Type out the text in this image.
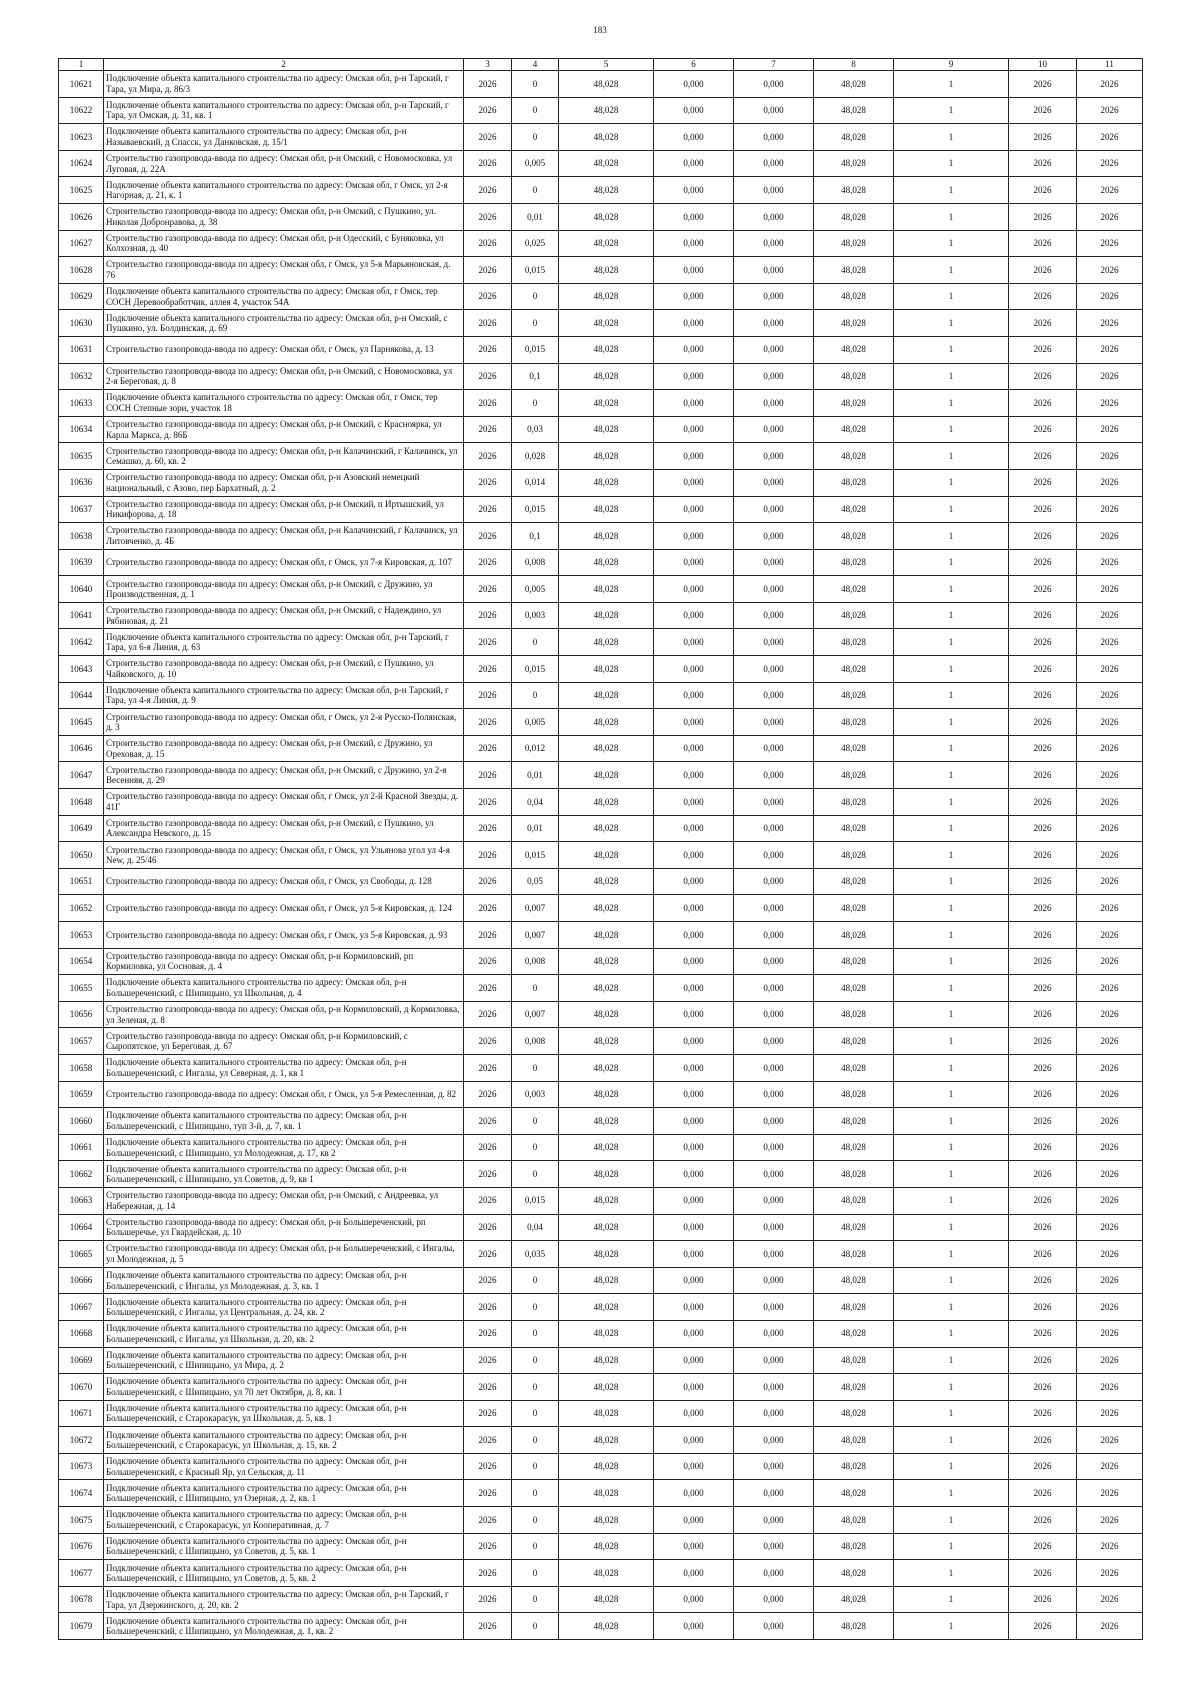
183
1	2	3	4	5	6	7	8	9	10	11
10621	Подключение объекта капитального строительства по адресу: Омская обл, р-н Тарский, г Тара, ул Мира, д. 86/3	2026	0	48,028	0,000	0,000	48,028	1	2026	2026
10622	Подключение объекта капитального строительства по адресу: Омская обл, р-н Тарский, г Тара, ул Омская, д. 31, кв. 1	2026	0	48,028	0,000	0,000	48,028	1	2026	2026
10623	Подключение объекта капитального строительства по адресу: Омская обл, р-н Называевский, д Спасск, ул Данковская, д. 15/1	2026	0	48,028	0,000	0,000	48,028	1	2026	2026
10624	Строительство газопровода-ввода по адресу: Омская обл, р-н Омский, с Новомосковка, ул Луговая, д. 22А	2026	0,005	48,028	0,000	0,000	48,028	1	2026	2026
10625	Подключение объекта капитального строительства по адресу: Омская обл, г Омск, ул 2-я Нагорная, д. 21, к. 1	2026	0	48,028	0,000	0,000	48,028	1	2026	2026
10626	Строительство газопровода-ввода по адресу: Омская обл, р-н Омский, с Пушкино, ул. Николая Добронравова, д. 38	2026	0,01	48,028	0,000	0,000	48,028	1	2026	2026
10627	Строительство газопровода-ввода по адресу: Омская обл, р-н Одесский, с Буняковка, ул Колхозная, д. 40	2026	0,025	48,028	0,000	0,000	48,028	1	2026	2026
10628	Строительство газопровода-ввода по адресу: Омская обл, г Омск, ул 5-я Марьяновская, д. 76	2026	0,015	48,028	0,000	0,000	48,028	1	2026	2026
10629	Подключение объекта капитального строительства по адресу: Омская обл, г Омск, тер СОСН Деревообработчик, аллея 4, участок 54А	2026	0	48,028	0,000	0,000	48,028	1	2026	2026
10630	Подключение объекта капитального строительства по адресу: Омская обл, р-н Омский, с Пушкино, ул. Болдинская, д. 69	2026	0	48,028	0,000	0,000	48,028	1	2026	2026
10631	Строительство газопровода-ввода по адресу: Омская обл, г Омск, ул Парнякова, д. 13	2026	0,015	48,028	0,000	0,000	48,028	1	2026	2026
10632	Строительство газопровода-ввода по адресу: Омская обл, р-н Омский, с Новомосковка, ул 2-я Береговая, д. 8	2026	0,1	48,028	0,000	0,000	48,028	1	2026	2026
10633	Подключение объекта капитального строительства по адресу: Омская обл, г Омск, тер СОСН Степные зори, участок 18	2026	0	48,028	0,000	0,000	48,028	1	2026	2026
10634	Строительство газопровода-ввода по адресу: Омская обл, р-н Омский, с Красноярка, ул Карла Маркса, д. 86Б	2026	0,03	48,028	0,000	0,000	48,028	1	2026	2026
10635	Строительство газопровода-ввода по адресу: Омская обл, р-н Калачинский, г Калачинск, ул Семашко, д. 60, кв. 2	2026	0,028	48,028	0,000	0,000	48,028	1	2026	2026
10636	Строительство газопровода-ввода по адресу: Омская обл, р-н Азовский немецкий национальный, с Азово, пер Бархатный, д. 2	2026	0,014	48,028	0,000	0,000	48,028	1	2026	2026
10637	Строительство газопровода-ввода по адресу: Омская обл, р-н Омский, п Иртышский, ул Никифорова, д. 18	2026	0,015	48,028	0,000	0,000	48,028	1	2026	2026
10638	Строительство газопровода-ввода по адресу: Омская обл, р-н Калачинский, г Калачинск, ул Литовченко, д. 4Б	2026	0,1	48,028	0,000	0,000	48,028	1	2026	2026
10639	Строительство газопровода-ввода по адресу: Омская обл, г Омск, ул 7-я Кировская, д. 107	2026	0,008	48,028	0,000	0,000	48,028	1	2026	2026
10640	Строительство газопровода-ввода по адресу: Омская обл, р-н Омский, с Дружино, ул Производственная, д. 1	2026	0,005	48,028	0,000	0,000	48,028	1	2026	2026
10641	Строительство газопровода-ввода по адресу: Омская обл, р-н Омский, с Надеждино, ул Рябиновая, д. 21	2026	0,003	48,028	0,000	0,000	48,028	1	2026	2026
10642	Подключение объекта капитального строительства по адресу: Омская обл, р-н Тарский, г Тара, ул 6-я Линия, д. 63	2026	0	48,028	0,000	0,000	48,028	1	2026	2026
10643	Строительство газопровода-ввода по адресу: Омская обл, р-н Омский, с Пушкино, ул Чайковского, д. 10	2026	0,015	48,028	0,000	0,000	48,028	1	2026	2026
10644	Подключение объекта капитального строительства по адресу: Омская обл, р-н Тарский, г Тара, ул 4-я Линия, д. 9	2026	0	48,028	0,000	0,000	48,028	1	2026	2026
10645	Строительство газопровода-ввода по адресу: Омская обл, г Омск, ул 2-я Русско-Полянская, д. 3	2026	0,005	48,028	0,000	0,000	48,028	1	2026	2026
10646	Строительство газопровода-ввода по адресу: Омская обл, р-н Омский, с Дружино, ул Ореховая, д. 15	2026	0,012	48,028	0,000	0,000	48,028	1	2026	2026
10647	Строительство газопровода-ввода по адресу: Омская обл, р-н Омский, с Дружино, ул 2-я Весенняя, д. 29	2026	0,01	48,028	0,000	0,000	48,028	1	2026	2026
10648	Строительство газопровода-ввода по адресу: Омская обл, г Омск, ул 2-й Красной Звезды, д. 41Г	2026	0,04	48,028	0,000	0,000	48,028	1	2026	2026
10649	Строительство газопровода-ввода по адресу: Омская обл, р-н Омский, с Пушкино, ул Александра Невского, д. 15	2026	0,01	48,028	0,000	0,000	48,028	1	2026	2026
10650	Строительство газопровода-ввода по адресу: Омская обл, г Омск, ул Ульянова угол ул 4-я New, д. 25/46	2026	0,015	48,028	0,000	0,000	48,028	1	2026	2026
10651	Строительство газопровода-ввода по адресу: Омская обл, г Омск, ул Свободы, д. 128	2026	0,05	48,028	0,000	0,000	48,028	1	2026	2026
10652	Строительство газопровода-ввода по адресу: Омская обл, г Омск, ул 5-я Кировская, д. 124	2026	0,007	48,028	0,000	0,000	48,028	1	2026	2026
10653	Строительство газопровода-ввода по адресу: Омская обл, г Омск, ул 5-я Кировская, д. 93	2026	0,007	48,028	0,000	0,000	48,028	1	2026	2026
10654	Строительство газопровода-ввода по адресу: Омская обл, р-н Кормиловский, рп Кормиловка, ул Сосновая, д. 4	2026	0,008	48,028	0,000	0,000	48,028	1	2026	2026
10655	Подключение объекта капитального строительства по адресу: Омская обл, р-н Большереченский, с Шипицыно, ул Школьная, д. 4	2026	0	48,028	0,000	0,000	48,028	1	2026	2026
10656	Строительство газопровода-ввода по адресу: Омская обл, р-н Кормиловский, д Кормиловка, ул Зеленая, д. 8	2026	0,007	48,028	0,000	0,000	48,028	1	2026	2026
10657	Строительство газопровода-ввода по адресу: Омская обл, р-н Кормиловский, с Сыропятское, ул Береговая, д. 67	2026	0,008	48,028	0,000	0,000	48,028	1	2026	2026
10658	Подключение объекта капитального строительства по адресу: Омская обл, р-н Большереченский, с Ингалы, ул Северная, д. 1, кв 1	2026	0	48,028	0,000	0,000	48,028	1	2026	2026
10659	Строительство газопровода-ввода по адресу: Омская обл, г Омск, ул 5-я Ремесленная, д. 82	2026	0,003	48,028	0,000	0,000	48,028	1	2026	2026
10660	Подключение объекта капитального строительства по адресу: Омская обл, р-н Большереченский, с Шипицыно, туп 3-й, д. 7, кв. 1	2026	0	48,028	0,000	0,000	48,028	1	2026	2026
10661	Подключение объекта капитального строительства по адресу: Омская обл, р-н Большереченский, с Шипицыно, ул Молодежная, д. 17, кв 2	2026	0	48,028	0,000	0,000	48,028	1	2026	2026
10662	Подключение объекта капитального строительства по адресу: Омская обл, р-н Большереченский, с Шипицыно, ул Советов, д. 9, кв 1	2026	0	48,028	0,000	0,000	48,028	1	2026	2026
10663	Строительство газопровода-ввода по адресу: Омская обл, р-н Омский, с Андреевка, ул Набережная, д. 14	2026	0,015	48,028	0,000	0,000	48,028	1	2026	2026
10664	Строительство газопровода-ввода по адресу: Омская обл, р-н Большереченский, рп Большеречье, ул Гвардейская, д. 10	2026	0,04	48,028	0,000	0,000	48,028	1	2026	2026
10665	Строительство газопровода-ввода по адресу: Омская обл, р-н Большереченский, с Ингалы, ул Молодежная, д. 5	2026	0,035	48,028	0,000	0,000	48,028	1	2026	2026
10666	Подключение объекта капитального строительства по адресу: Омская обл, р-н Большереченский, с Ингалы, ул Молодежная, д. 3, кв. 1	2026	0	48,028	0,000	0,000	48,028	1	2026	2026
10667	Подключение объекта капитального строительства по адресу: Омская обл, р-н Большереченский, с Ингалы, ул Центральная, д. 24, кв. 2	2026	0	48,028	0,000	0,000	48,028	1	2026	2026
10668	Подключение объекта капитального строительства по адресу: Омская обл, р-н Большереченский, с Ингалы, ул Школьная, д. 20, кв. 2	2026	0	48,028	0,000	0,000	48,028	1	2026	2026
10669	Подключение объекта капитального строительства по адресу: Омская обл, р-н Большереченский, с Шипицыно, ул Мира, д. 2	2026	0	48,028	0,000	0,000	48,028	1	2026	2026
10670	Подключение объекта капитального строительства по адресу: Омская обл, р-н Большереченский, с Шипицыно, ул 70 лет Октября, д. 8, кв. 1	2026	0	48,028	0,000	0,000	48,028	1	2026	2026
10671	Подключение объекта капитального строительства по адресу: Омская обл, р-н Большереченский, с Старокарасук, ул Школьная, д. 5, кв. 1	2026	0	48,028	0,000	0,000	48,028	1	2026	2026
10672	Подключение объекта капитального строительства по адресу: Омская обл, р-н Большереченский, с Старокарасук, ул Школьная, д. 15, кв. 2	2026	0	48,028	0,000	0,000	48,028	1	2026	2026
10673	Подключение объекта капитального строительства по адресу: Омская обл, р-н Большереченский, с Красный Яр, ул Сельская, д. 11	2026	0	48,028	0,000	0,000	48,028	1	2026	2026
10674	Подключение объекта капитального строительства по адресу: Омская обл, р-н Большереченский, с Шипицыно, ул Озерная, д. 2, кв. 1	2026	0	48,028	0,000	0,000	48,028	1	2026	2026
10675	Подключение объекта капитального строительства по адресу: Омская обл, р-н Большереченский, с Старокарасук, ул Кооперативная, д. 7	2026	0	48,028	0,000	0,000	48,028	1	2026	2026
10676	Подключение объекта капитального строительства по адресу: Омская обл, р-н Большереченский, с Шипицыно, ул Советов, д. 5, кв. 1	2026	0	48,028	0,000	0,000	48,028	1	2026	2026
10677	Подключение объекта капитального строительства по адресу: Омская обл, р-н Большереченский, с Шипицыно, ул Советов, д. 5, кв. 2	2026	0	48,028	0,000	0,000	48,028	1	2026	2026
10678	Подключение объекта капитального строительства по адресу: Омская обл, р-н Тарский, г Тара, ул Дзержинского, д. 20, кв. 2	2026	0	48,028	0,000	0,000	48,028	1	2026	2026
10679	Подключение объекта капитального строительства по адресу: Омская обл, р-н Большереченский, с Шипицыно, ул Молодежная, д. 1, кв. 2	2026	0	48,028	0,000	0,000	48,028	1	2026	2026
